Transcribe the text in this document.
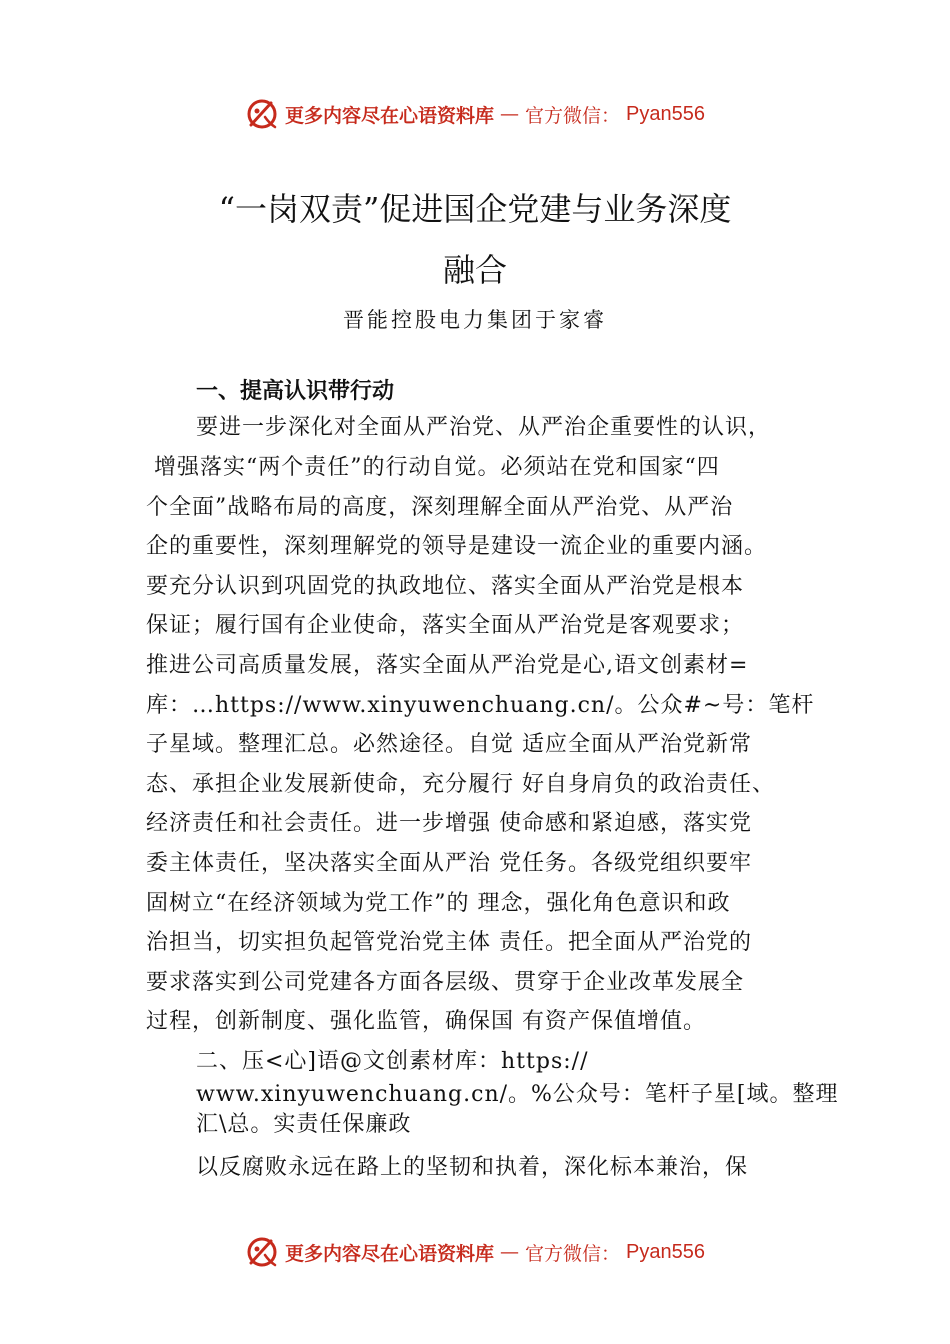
更多内容尽在心语资料库 — 官方微信： Pyan556
“一岗双责”促进国企党建与业务深度
融合
晋能控股电力集团于家睿
一、提高认识带行动
要进一步深化对全面从严治党、从严治企重要性的认识，
增强落实“两个责任”的行动自觉。必须站在党和国家“四
个全面”战略布局的高度，深刻理解全面从严治党、从严治
企的重要性，深刻理解党的领导是建设一流企业的重要内涵。
要充分认识到巩固党的执政地位、落实全面从严治党是根本
保证；履行国有企业使命，落实全面从严治党是客观要求；
推进公司高质量发展，落实全面从严治党是心,语文创素材=
库：…https://www.xinyuwenchuang.cn/。公众#~号：笔杆
子星域。整理汇总。必然途径。自觉 适应全面从严治党新常
态、承担企业发展新使命，充分履行 好自身肩负的政治责任、
经济责任和社会责任。进一步增强 使命感和紧迫感，落实党
委主体责任，坚决落实全面从严治 党任务。各级党组织要牢
固树立“在经济领域为党工作”的 理念，强化角色意识和政
治担当，切实担负起管党治党主体 责任。把全面从严治党的
要求落实到公司党建各方面各层级、贯穿于企业改革发展全
过程，创新制度、强化监管，确保国 有资产保值增值。
二、压<心]语@文创素材库：https://
www.xinyuwenchuang.cn/。%公众号：笔杆子星[域。整理
汇\总。实责任保廉政
以反腐败永远在路上的坚韧和执着，深化标本兼治，保
更多内容尽在心语资料库 — 官方微信： Pyan556
